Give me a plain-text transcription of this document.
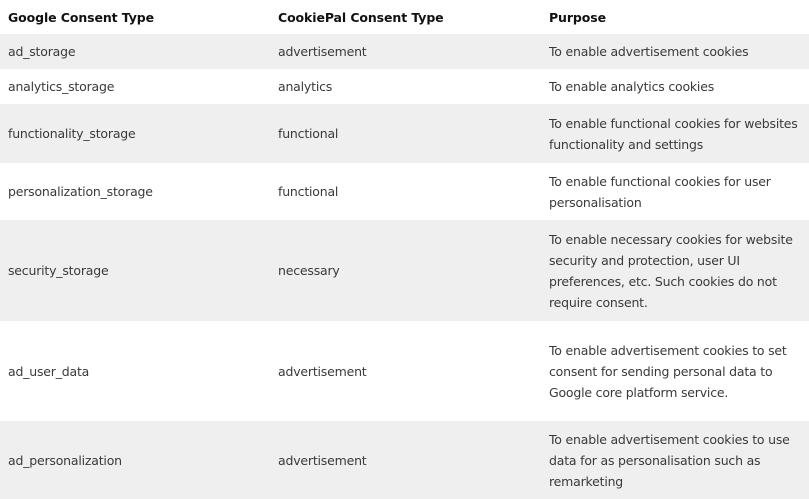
Google Consent Type	CookiePal Consent Type	Purpose
ad_storage	advertisement	To enable advertisement cookies
analytics_storage	analytics	To enable analytics cookies
functionality_storage	functional	To enable functional cookies for websites functionality and settings
personalization_storage	functional	To enable functional cookies for user personalisation
security_storage	necessary	To enable necessary cookies for website security and protection, user UI preferences, etc. Such cookies do not require consent.
ad_user_data	advertisement	To enable advertisement cookies to set consent for sending personal data to Google core platform service.
ad_personalization	advertisement	To enable advertisement cookies to use data for as personalisation such as remarketing
